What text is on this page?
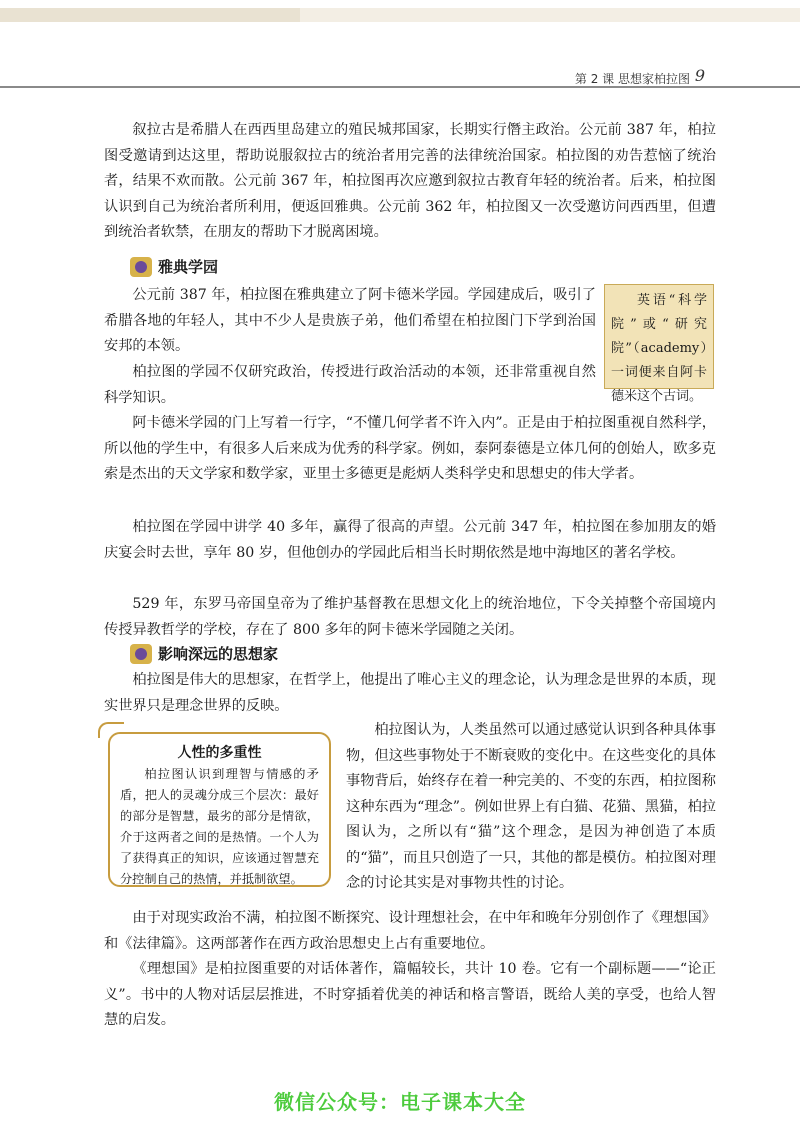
第 2 课 思想家柏拉图 9

叙拉古是希腊人在西西里岛建立的殖民城邦国家，长期实行僭主政治。公元前 387 年，柏拉图受邀请到达这里，帮助说服叙拉古的统治者用完善的法律统治国家。柏拉图的劝告惹恼了统治者，结果不欢而散。公元前 367 年，柏拉图再次应邀到叙拉古教育年轻的统治者。后来，柏拉图认识到自己为统治者所利用，便返回雅典。公元前 362 年，柏拉图又一次受邀访问西西里，但遭到统治者软禁，在朋友的帮助下才脱离困境。

雅典学园

公元前 387 年，柏拉图在雅典建立了阿卡德米学园。学园建成后，吸引了希腊各地的年轻人，其中不少人是贵族子弟，他们希望在柏拉图门下学到治国安邦的本领。

柏拉图的学园不仅研究政治，传授进行政治活动的本领，还非常重视自然科学知识。

英语“科学院”或“研究院”（academy）一词便来自阿卡德米这个古词。

阿卡德米学园的门上写着一行字，“不懂几何学者不许入内”。正是由于柏拉图重视自然科学，所以他的学生中，有很多人后来成为优秀的科学家。例如，泰阿泰德是立体几何的创始人，欧多克索是杰出的天文学家和数学家，亚里士多德更是彪炳人类科学史和思想史的伟大学者。

柏拉图在学园中讲学 40 多年，赢得了很高的声望。公元前 347 年，柏拉图在参加朋友的婚庆宴会时去世，享年 80 岁，但他创办的学园此后相当长时期依然是地中海地区的著名学校。

529 年，东罗马帝国皇帝为了维护基督教在思想文化上的统治地位，下令关掉整个帝国境内传授异教哲学的学校，存在了 800 多年的阿卡德米学园随之关闭。

影响深远的思想家

柏拉图是伟大的思想家，在哲学上，他提出了唯心主义的理念论，认为理念是世界的本质，现实世界只是理念世界的反映。

人性的多重性
柏拉图认识到理智与情感的矛盾，把人的灵魂分成三个层次：最好的部分是智慧，最劣的部分是情欲，介于这两者之间的是热情。一个人为了获得真正的知识，应该通过智慧充分控制自己的热情，并抵制欲望。

柏拉图认为，人类虽然可以通过感觉认识到各种具体事物，但这些事物处于不断衰败的变化中。在这些变化的具体事物背后，始终存在着一种完美的、不变的东西，柏拉图称这种东西为“理念”。例如世界上有白猫、花猫、黑猫，柏拉图认为，之所以有“猫”这个理念，是因为神创造了本质的“猫”，而且只创造了一只，其他的都是模仿。柏拉图对理念的讨论其实是对事物共性的讨论。

由于对现实政治不满，柏拉图不断探究、设计理想社会，在中年和晚年分别创作了《理想国》和《法律篇》。这两部著作在西方政治思想史上占有重要地位。

《理想国》是柏拉图重要的对话体著作，篇幅较长，共计 10 卷。它有一个副标题——“论正义”。书中的人物对话层层推进，不时穿插着优美的神话和格言警语，既给人美的享受，也给人智慧的启发。

微信公众号：电子课本大全
